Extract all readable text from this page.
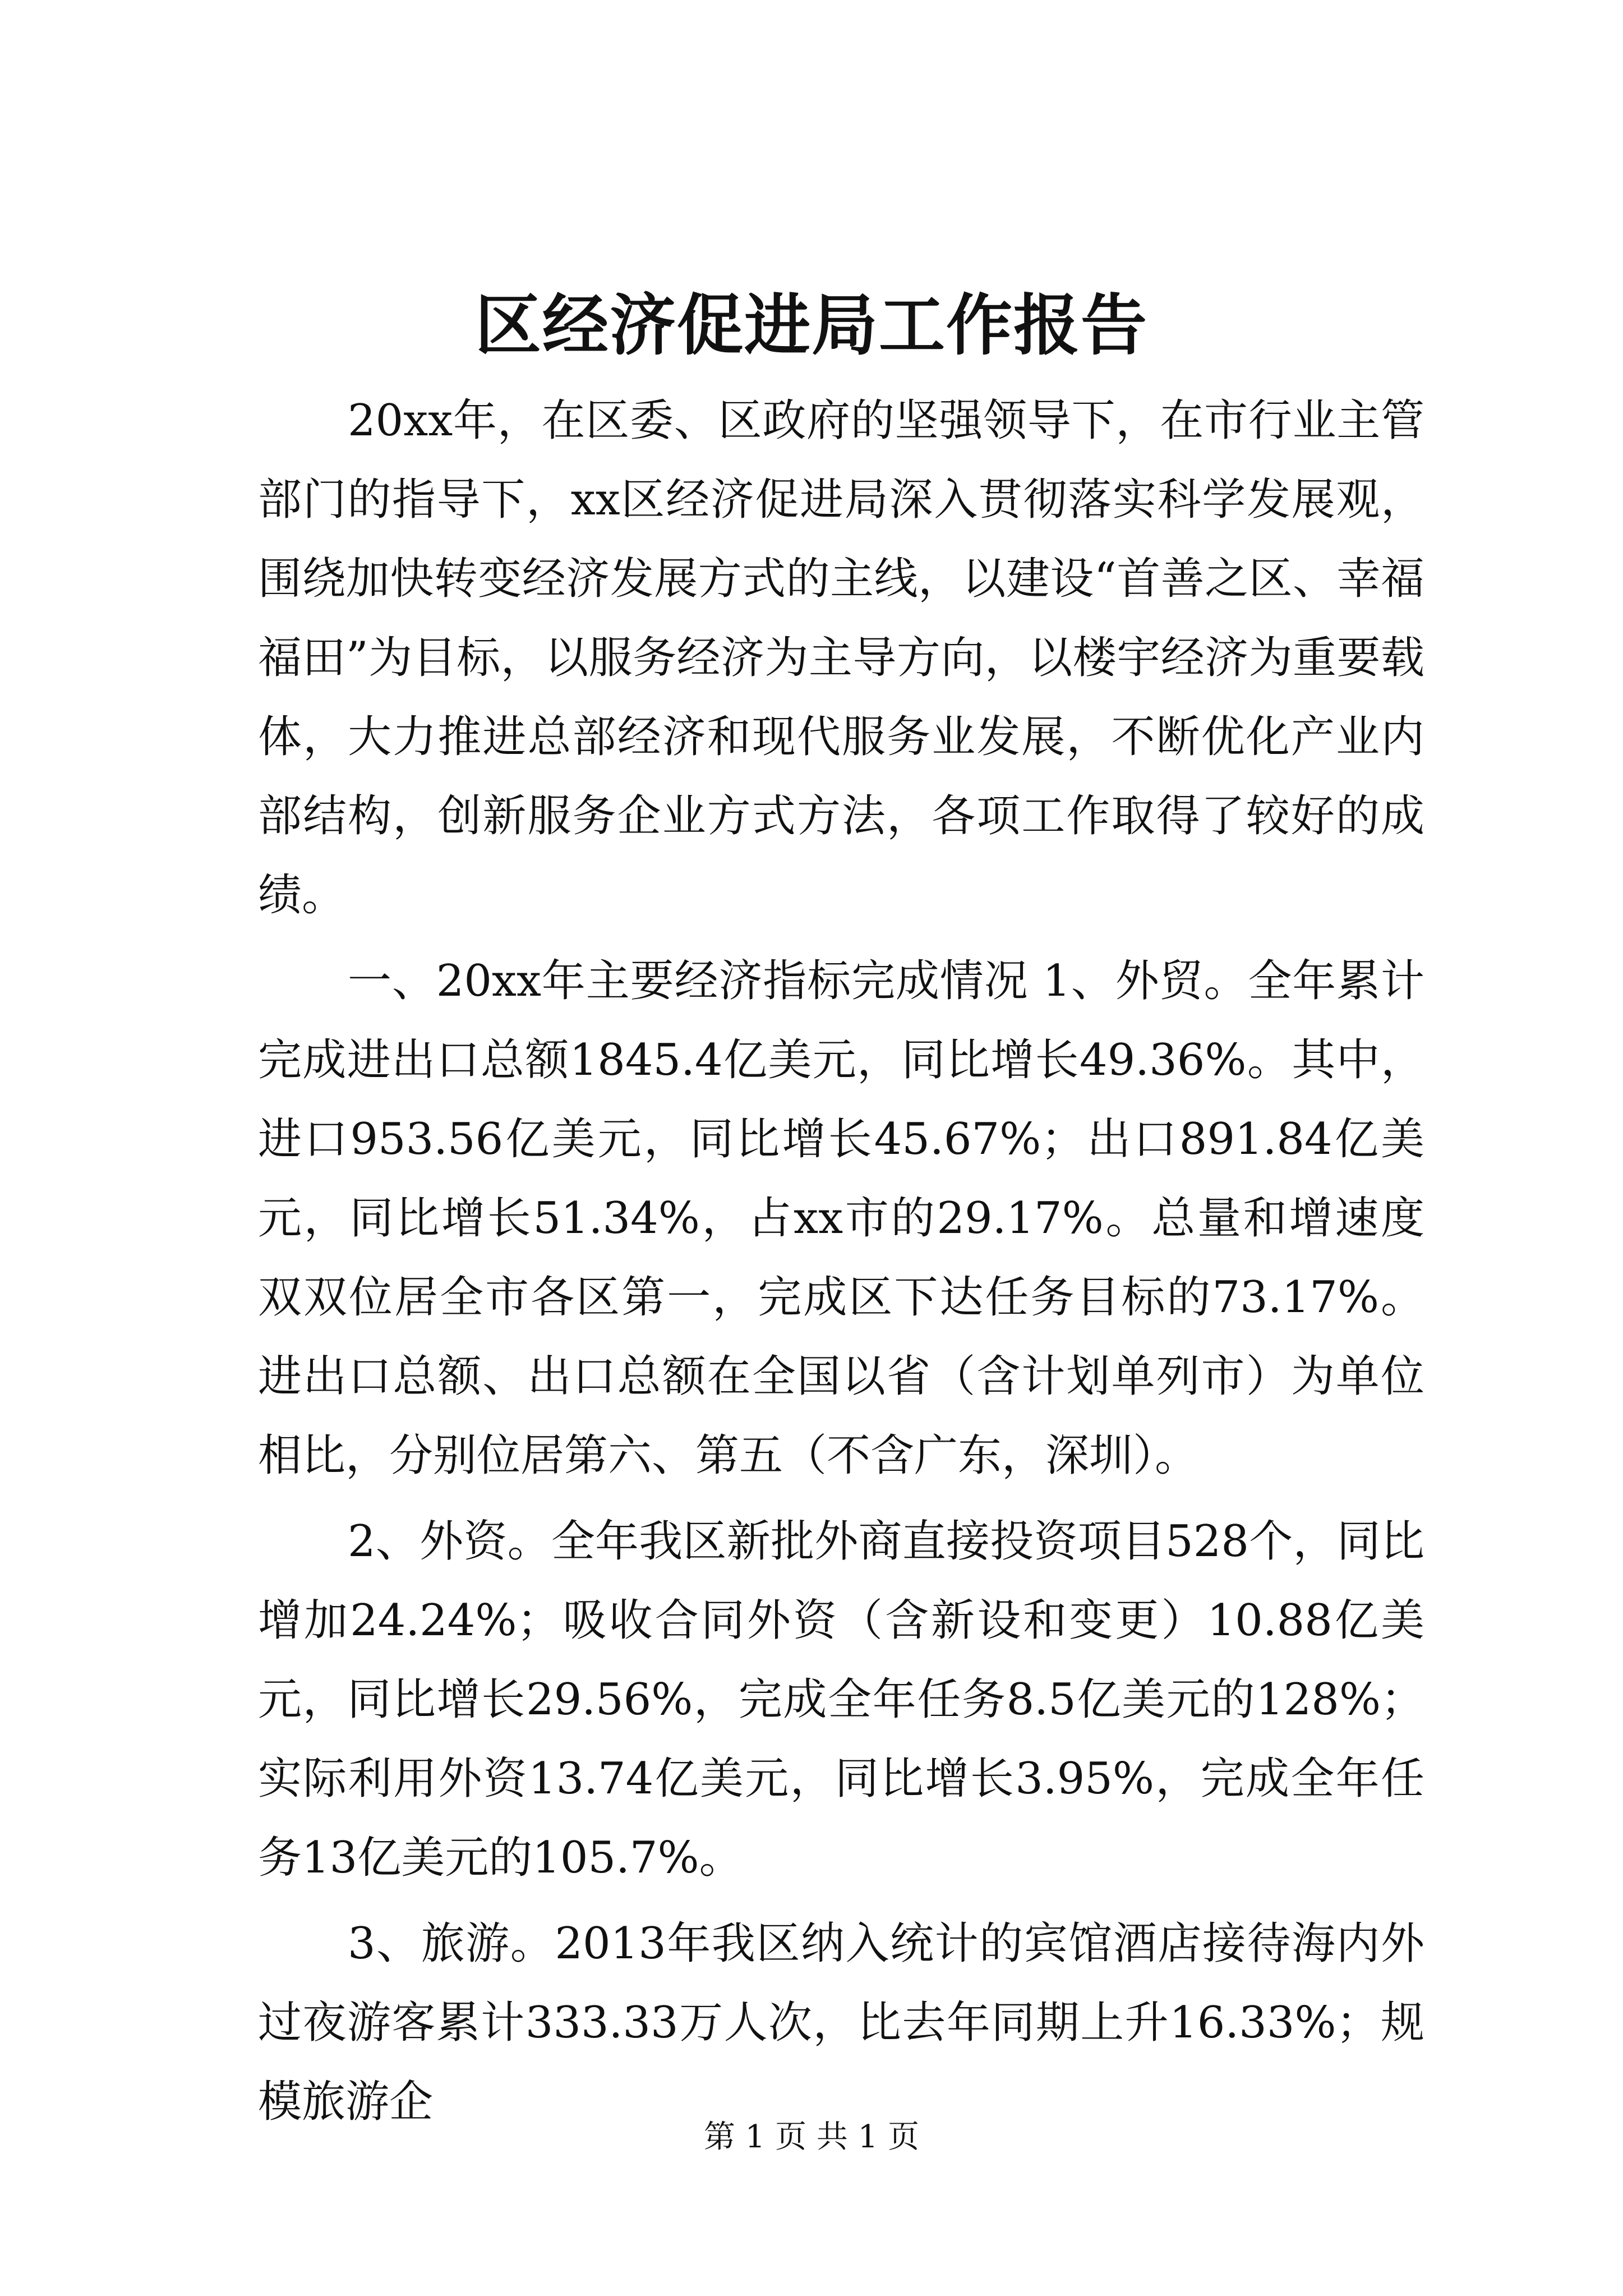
区经济促进局工作报告

20xx年，在区委、区政府的坚强领导下，在市行业主管部门的指导下，xx区经济促进局深入贯彻落实科学发展观，围绕加快转变经济发展方式的主线，以建设“首善之区、幸福福田”为目标，以服务经济为主导方向，以楼宇经济为重要载体，大力推进总部经济和现代服务业发展，不断优化产业内部结构，创新服务企业方式方法，各项工作取得了较好的成绩。

一、20xx年主要经济指标完成情况 1、外贸。全年累计完成进出口总额1845.4亿美元，同比增长49.36%。其中，进口953.56亿美元，同比增长45.67%；出口891.84亿美元，同比增长51.34%，占xx市的29.17%。总量和增速度双双位居全市各区第一，完成区下达任务目标的73.17%。进出口总额、出口总额在全国以省（含计划单列市）为单位相比，分别位居第六、第五（不含广东，深圳）。

2、外资。全年我区新批外商直接投资项目528个，同比增加24.24%；吸收合同外资（含新设和变更）10.88亿美元，同比增长29.56%，完成全年任务8.5亿美元的128%；实际利用外资13.74亿美元，同比增长3.95%，完成全年任务13亿美元的105.7%。

3、旅游。2013年我区纳入统计的宾馆酒店接待海内外过夜游客累计333.33万人次，比去年同期上升16.33%；规模旅游企

第 1 页 共 1 页
